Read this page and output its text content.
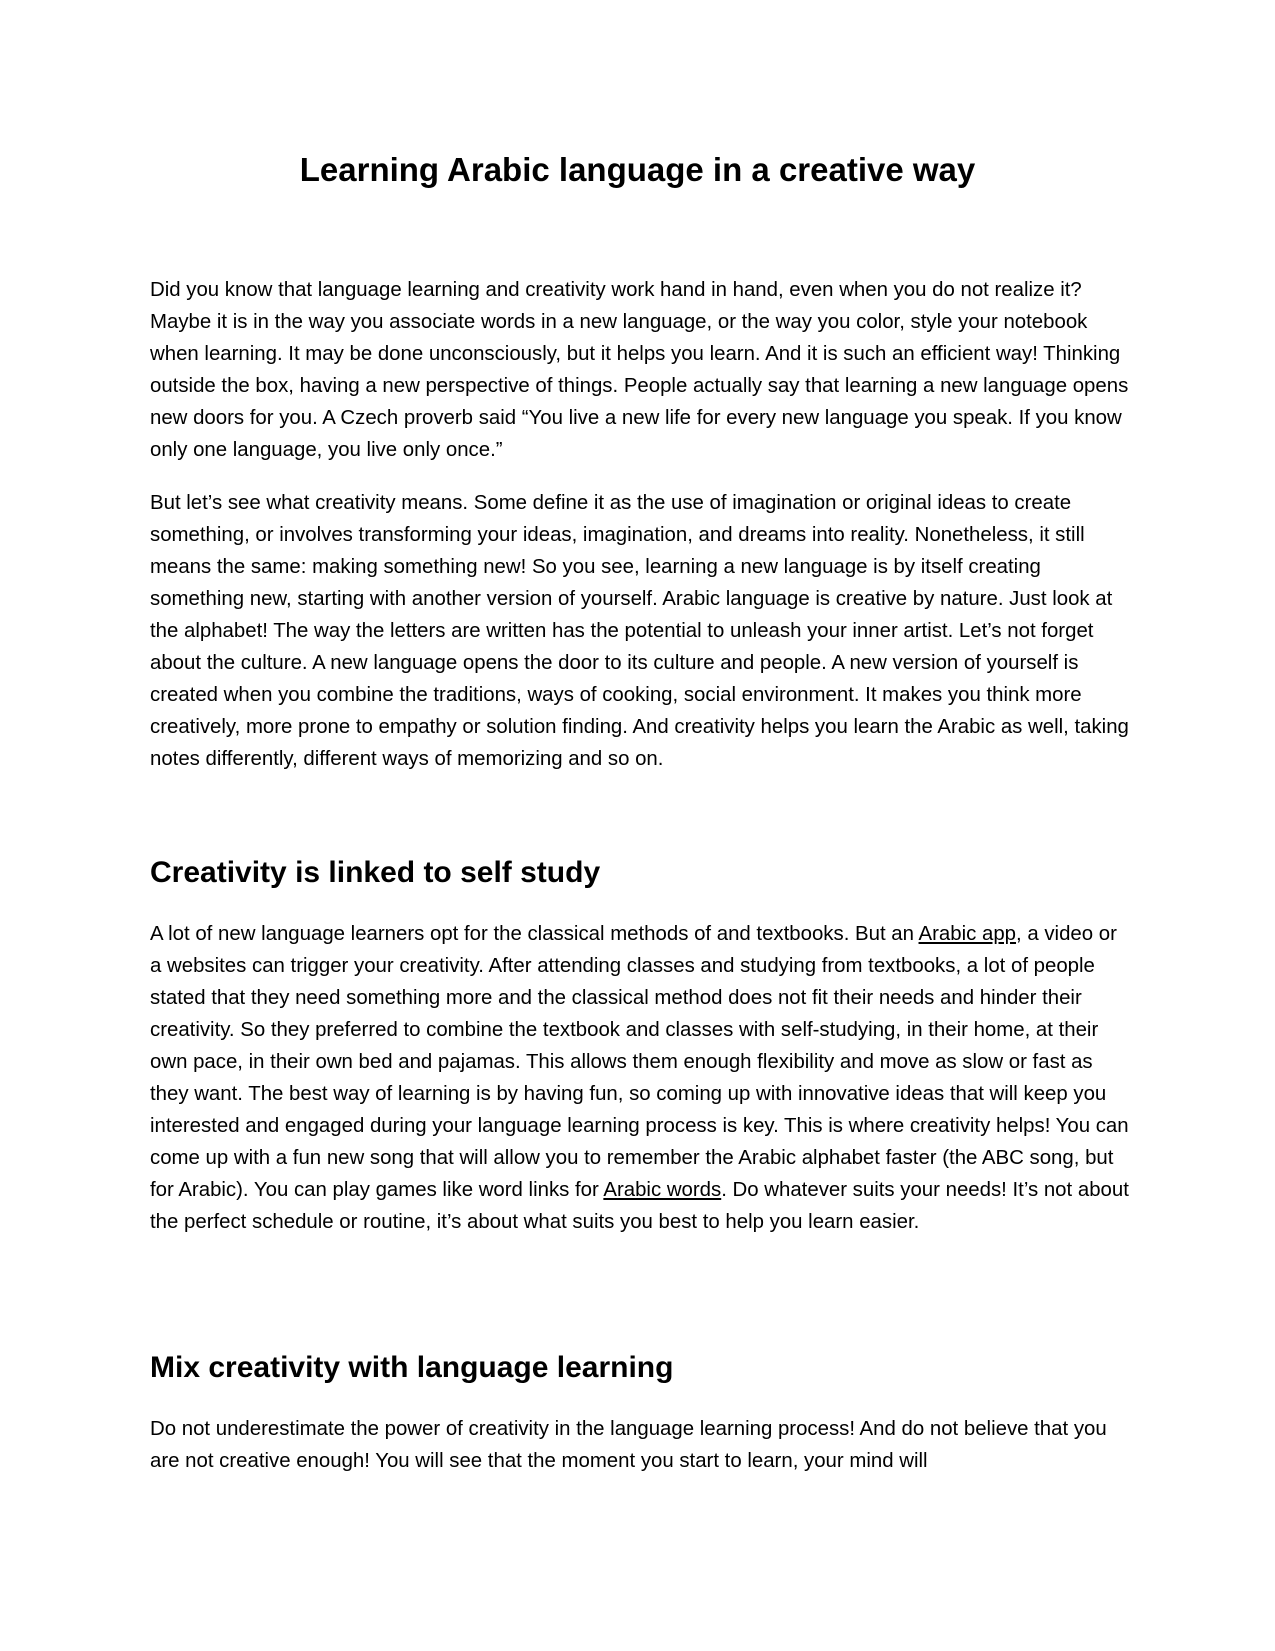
Learning Arabic language in a creative way

Did you know that language learning and creativity work hand in hand, even when you do not realize it? Maybe it is in the way you associate words in a new language, or the way you color, style your notebook when learning. It may be done unconsciously, but it helps you learn. And it is such an efficient way! Thinking outside the box, having a new perspective of things. People actually say that learning a new language opens new doors for you. A Czech proverb said “You live a new life for every new language you speak. If you know only one language, you live only once.”

But let’s see what creativity means. Some define it as the use of imagination or original ideas to create something, or involves transforming your ideas, imagination, and dreams into reality. Nonetheless, it still means the same: making something new! So you see, learning a new language is by itself creating something new, starting with another version of yourself. Arabic language is creative by nature. Just look at the alphabet! The way the letters are written has the potential to unleash your inner artist. Let’s not forget about the culture. A new language opens the door to its culture and people. A new version of yourself is created when you combine the traditions, ways of cooking, social environment. It makes you think more creatively, more prone to empathy or solution finding. And creativity helps you learn the Arabic as well, taking notes differently, different ways of memorizing and so on.

Creativity is linked to self study

A lot of new language learners opt for the classical methods of and textbooks. But an Arabic app, a video or a websites can trigger your creativity. After attending classes and studying from textbooks, a lot of people stated that they need something more and the classical method does not fit their needs and hinder their creativity. So they preferred to combine the textbook and classes with self-studying, in their home, at their own pace, in their own bed and pajamas. This allows them enough flexibility and move as slow or fast as they want. The best way of learning is by having fun, so coming up with innovative ideas that will keep you interested and engaged during your language learning process is key. This is where creativity helps! You can come up with a fun new song that will allow you to remember the Arabic alphabet faster (the ABC song, but for Arabic). You can play games like word links for Arabic words. Do whatever suits your needs! It’s not about the perfect schedule or routine, it’s about what suits you best to help you learn easier.

Mix creativity with language learning

Do not underestimate the power of creativity in the language learning process! And do not believe that you are not creative enough! You will see that the moment you start to learn, your mind will
